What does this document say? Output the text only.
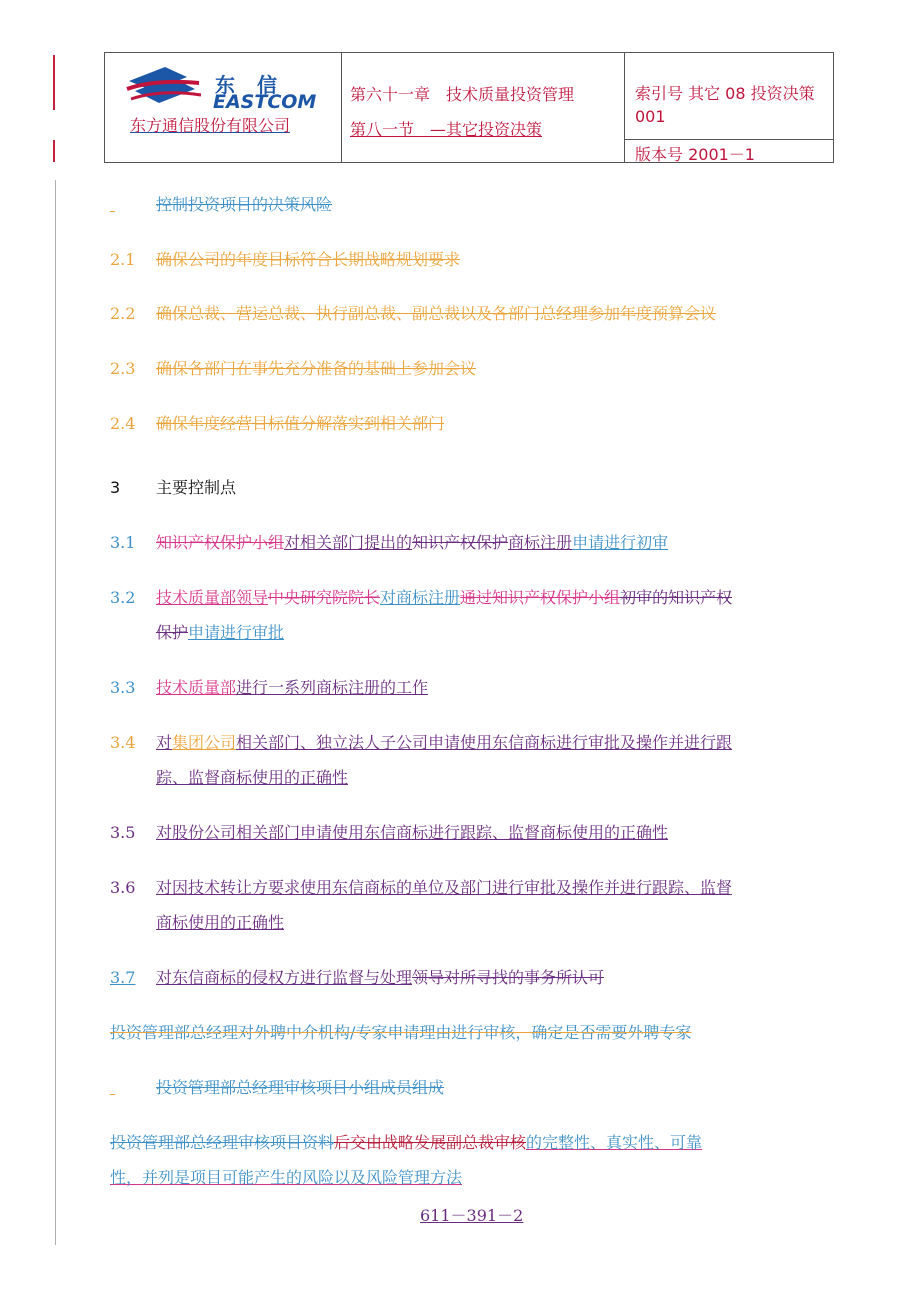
东信
EASTCOM
东方通信股份有限公司
第六十一章　技术质量投资管理
第八一节　—其它投资决策
索引号 其它 08 投资决策 001
版本号 2001－1
控制投资项目的决策风险
2.1 确保公司的年度目标符合长期战略规划要求
2.2 确保总裁、营运总裁、执行副总裁、副总裁以及各部门总经理参加年度预算会议
2.3 确保各部门在事先充分准备的基础上参加会议
2.4 确保年度经营目标值分解落实到相关部门
3 主要控制点
3.1 知识产权保护小组对相关部门提出的知识产权保护商标注册申请进行初审
3.2 技术质量部领导中央研究院院长对商标注册通过知识产权保护小组初审的知识产权
保护申请进行审批
3.3 技术质量部进行一系列商标注册的工作
3.4 对集团公司相关部门、独立法人子公司申请使用东信商标进行审批及操作并进行跟
踪、监督商标使用的正确性
3.5 对股份公司相关部门申请使用东信商标进行跟踪、监督商标使用的正确性
3.6 对因技术转让方要求使用东信商标的单位及部门进行审批及操作并进行跟踪、监督
商标使用的正确性
3.7 对东信商标的侵权方进行监督与处理领导对所寻找的事务所认可
投资管理部总经理对外聘中介机构/专家申请理由进行审核，确定是否需要外聘专家
投资管理部总经理审核项目小组成员组成
投资管理部总经理审核项目资料后交由战略发展副总裁审核的完整性、真实性、可靠
性，并列是项目可能产生的风险以及风险管理方法
611－391－2
